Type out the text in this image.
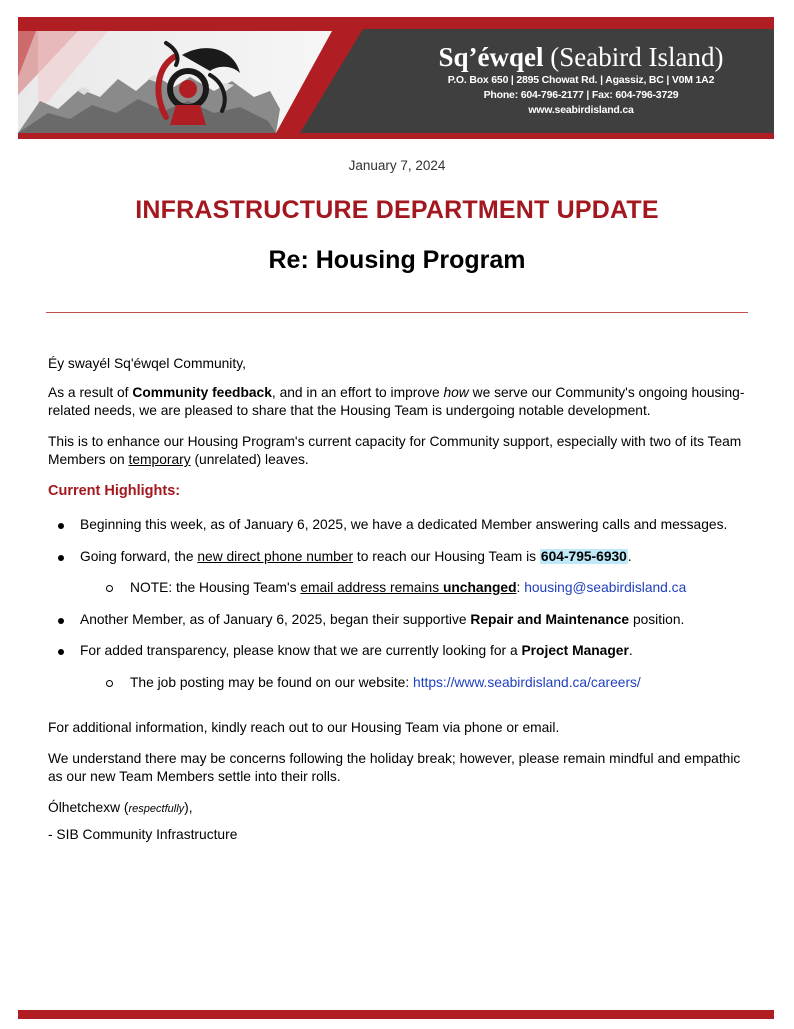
Sq’éwqel (Seabird Island)
P.O. Box 650 | 2895 Chowat Rd. | Agassiz, BC | V0M 1A2
Phone: 604-796-2177 | Fax: 604-796-3729
www.seabirdisland.ca
January 7, 2024
INFRASTRUCTURE DEPARTMENT UPDATE
Re: Housing Program

Éy swayél Sq'éwqel Community,

As a result of Community feedback, and in an effort to improve how we serve our Community's ongoing housing-related needs, we are pleased to share that the Housing Team is undergoing notable development.

This is to enhance our Housing Program's current capacity for Community support, especially with two of its Team Members on temporary (unrelated) leaves.

Current Highlights:

Beginning this week, as of January 6, 2025, we have a dedicated Member answering calls and messages.
Going forward, the new direct phone number to reach our Housing Team is 604-795-6930.
NOTE: the Housing Team's email address remains unchanged: housing@seabirdisland.ca
Another Member, as of January 6, 2025, began their supportive Repair and Maintenance position.
For added transparency, please know that we are currently looking for a Project Manager.
The job posting may be found on our website: https://www.seabirdisland.ca/careers/

For additional information, kindly reach out to our Housing Team via phone or email.

We understand there may be concerns following the holiday break; however, please remain mindful and empathic as our new Team Members settle into their rolls.

Ólhetchexw (respectfully),

- SIB Community Infrastructure
